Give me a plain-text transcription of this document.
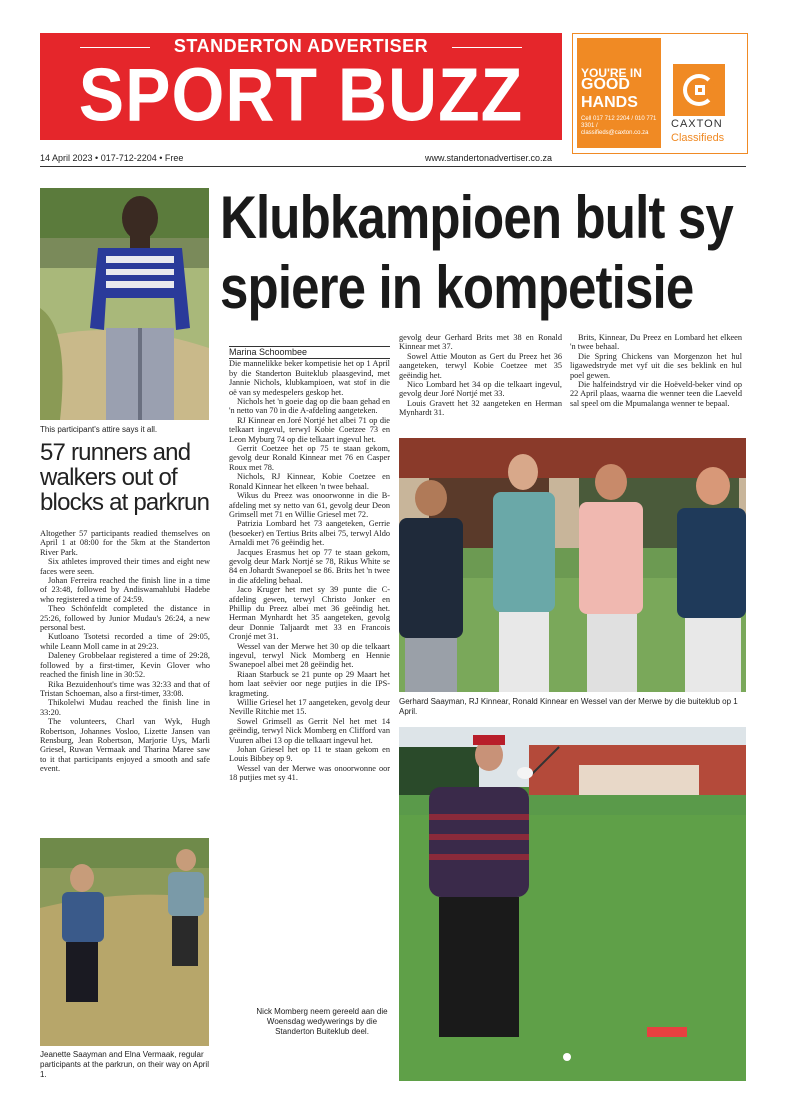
STANDERTON ADVERTISER
SPORT BUZZ	YOU'RE IN
GOOD
HANDS
Cell 017 712 2204 / 010 771 3301 / classifieds@caxton.co.za
CAXTON
Classifieds
14 April 2023 • 017-712-2204 • Free	www.standertonadvertiser.co.za
This participant's attire says it all.
57 runners and walkers out of blocks at parkrun

Altogether 57 participants readied themselves on April 1 at 08:00 for the 5km at the Standerton River Park.

Six athletes improved their times and eight new faces were seen.

Johan Ferreira reached the finish line in a time of 23:48, followed by Andiswamahlubi Hadebe who registered a time of 24:59.

Theo Schönfeldt completed the distance in 25:26, followed by Junior Mudau's 26:24, a new personal best.

Kutloano Tsotetsi recorded a time of 29:05, while Leann Moll came in at 29:23.

Daleney Grobbelaar registered a time of 29:28, followed by a first-timer, Kevin Glover who reached the finish line in 30:52.

Rika Bezuidenhout's time was 32:33 and that of Tristan Schoeman, also a first-timer, 33:08.

Thikolelwi Mudau reached the finish line in 33:20.

The volunteers, Charl van Wyk, Hugh Robertson, Johannes Vosloo, Lizette Jansen van Rensburg, Jean Robertson, Marjorie Uys, Marli Griesel, Ruwan Vermaak and Tharina Maree saw to it that participants enjoyed a smooth and safe event.

Jeanette Saayman and Elna Vermaak, regular participants at the parkrun, on their way on April 1.
Klubkampioen bult sy
spiere in kompetisie
Marina Schoombee

Die mannelikke beker kompetisie het op 1 April by die Standerton Buiteklub plaasgevind, met Jannie Nichols, klubkampioen, wat stof in die oë van sy medespelers geskop het.

Nichols het 'n goeie dag op die baan gehad en 'n netto van 70 in die A-afdeling aangeteken.

RJ Kinnear en Joré Nortjé het albei 71 op die telkaart ingevul, terwyl Kobie Coetzee 73 en Leon Myburg 74 op die telkaart ingevul het.

Gerrit Coetzee het op 75 te staan gekom, gevolg deur Ronald Kinnear met 76 en Casper Roux met 78.

Nichols, RJ Kinnear, Kobie Coetzee en Ronald Kinnear het elkeen 'n twee behaal.

Wikus du Preez was onoorwonne in die B-afdeling met sy netto van 61, gevolg deur Deon Grimsell met 71 en Willie Griesel met 72.

Patrizia Lombard het 73 aangeteken, Gerrie (besoeker) en Tertius Brits albei 75, terwyl Aldo Arnaldi met 76 geëindig het.

Jacques Erasmus het op 77 te staan gekom, gevolg deur Mark Nortjé se 78, Rikus White se 84 en Johardt Swanepoel se 86. Brits het 'n twee in die afdeling behaal.

Jaco Kruger het met sy 39 punte die C-afdeling gewen, terwyl Christo Jonker en Phillip du Preez albei met 36 geëindig het. Herman Mynhardt het 35 aangeteken, gevolg deur Donnie Taljaardt met 33 en Francois Cronjé met 31.

Wessel van der Merwe het 30 op die telkaart ingevul, terwyl Nick Momberg en Hennie Swanepoel albei met 28 geëindig het.

Riaan Starbuck se 21 punte op 29 Maart het hom laat seëvier oor nege putjies in die IPS-kragmeting.

Willie Griesel het 17 aangeteken, gevolg deur Neville Ritchie met 15.

Sowel Grimsell as Gerrit Nel het met 14 geëindig, terwyl Nick Momberg en Clifford van Vuuren albei 13 op die telkaart ingevul het.

Johan Griesel het op 11 te staan gekom en Louis Bibbey op 9.

Wessel van der Merwe was onoorwonne oor 18 putjies met sy 41.

gevolg deur Gerhard Brits met 38 en Ronald Kinnear met 37.

Sowel Attie Mouton as Gert du Preez het 36 aangeteken, terwyl Kobie Coetzee met 35 geëindig het.

Nico Lombard het 34 op die telkaart ingevul, gevolg deur Joré Nortjé met 33.

Louis Gravett het 32 aangeteken en Herman Mynhardt 31.

Brits, Kinnear, Du Preez en Lombard het elkeen 'n twee behaal.

Die Spring Chickens van Morgenzon het hul ligawedstryde met vyf uit die ses beklink en hul poel gewen.

Die halfeindstryd vir die Hoëveld-beker vind op 22 April plaas, waarna die wenner teen die Laeveld sal speel om die Mpumalanga wenner te bepaal.

Gerhard Saayman, RJ Kinnear, Ronald Kinnear en Wessel van der Merwe by die buiteklub op 1 April.
Nick Momberg neem gereeld aan die Woensdag wedywerings by die Standerton Buiteklub deel.
